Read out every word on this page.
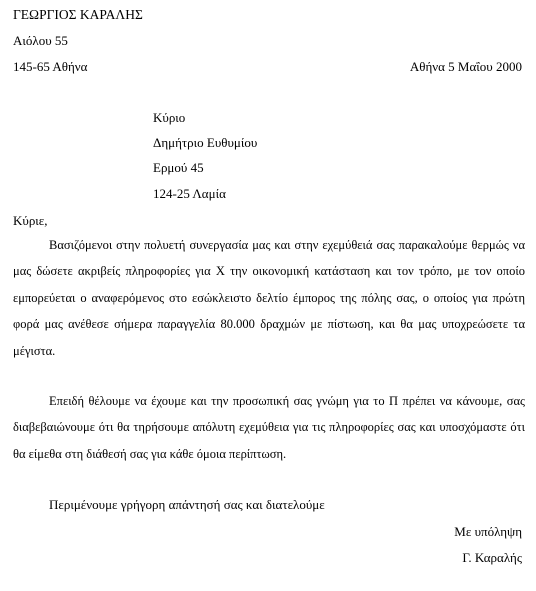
ΓΕΩΡΓΙΟΣ ΚΑΡΑΛΗΣ
Αιόλου 55
145-65 Αθήνα	Αθήνα 5 Μαΐου 2000
Κύριο
Δημήτριο Ευθυμίου
Ερμού 45
124-25 Λαμία
Κύριε,

Βασιζόμενοι στην πολυετή συνεργασία μας και στην εχεμύθειά σας παρακαλούμε θερμώς να μας δώσετε ακριβείς πληροφορίες για Χ την οικονομική κατάσταση και τον τρόπο, με τον οποίο εμπορεύεται ο αναφερόμενος στο εσώκλειστο δελτίο έμπορος της πόλης σας, ο οποίος για πρώτη φορά μας ανέθεσε σήμερα παραγγελία 80.000 δραχμών με πίστωση, και θα μας υποχρεώσετε τα μέγιστα.

Επειδή θέλουμε να έχουμε και την προσωπική σας γνώμη για το Π πρέπει να κάνουμε, σας διαβεβαιώνουμε ότι θα τηρήσουμε απόλυτη εχεμύθεια για τις πληροφορίες σας και υποσχόμαστε ότι θα είμεθα στη διάθεσή σας για κάθε όμοια περίπτωση.

Περιμένουμε γρήγορη απάντησή σας και διατελούμε
Με υπόληψη
Γ. Καραλής
